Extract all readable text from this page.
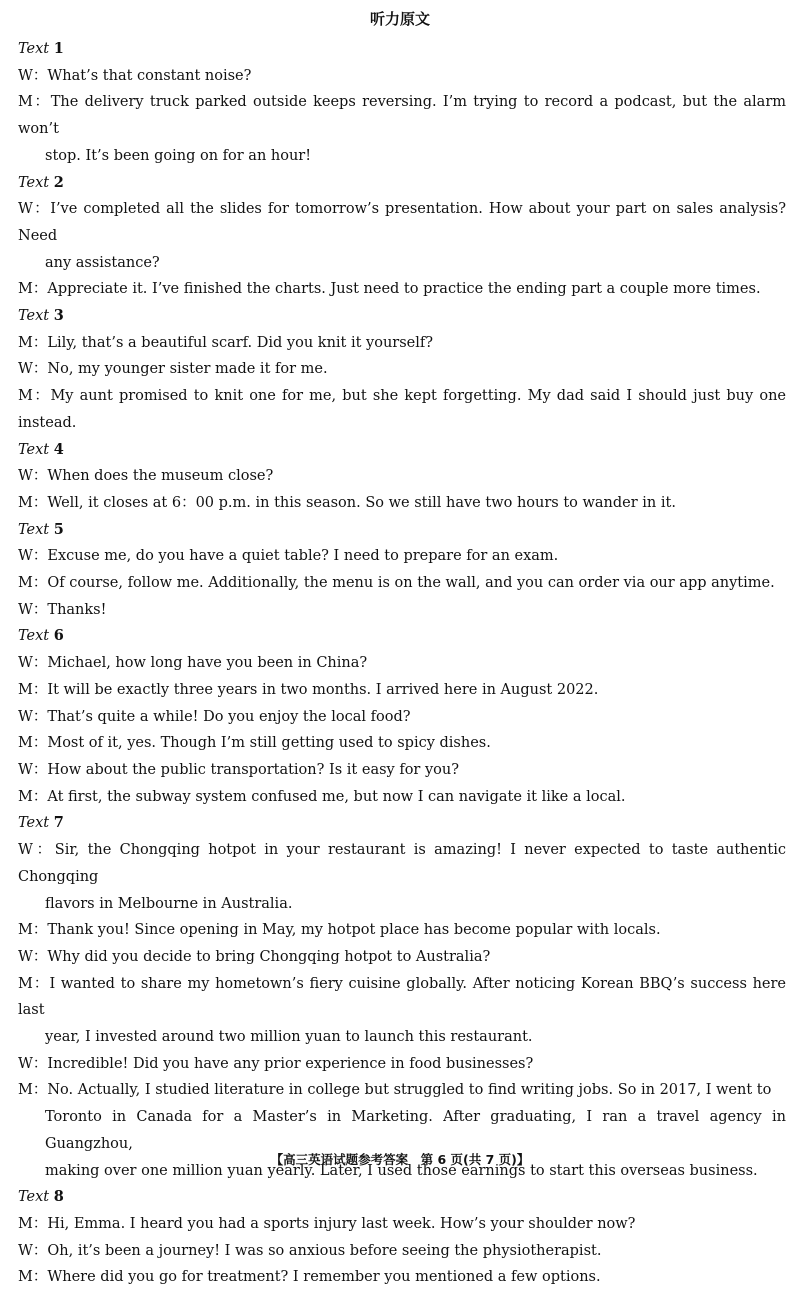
听力原文
Text 1
W：What’s that constant noise?
M：The delivery truck parked outside keeps reversing. I’m trying to record a podcast, but the alarm won’t
stop. It’s been going on for an hour!
Text 2
W：I’ve completed all the slides for tomorrow’s presentation. How about your part on sales analysis? Need
any assistance?
M：Appreciate it. I’ve finished the charts. Just need to practice the ending part a couple more times.
Text 3
M：Lily, that’s a beautiful scarf. Did you knit it yourself?
W：No, my younger sister made it for me.
M：My aunt promised to knit one for me, but she kept forgetting. My dad said I should just buy one instead.
Text 4
W：When does the museum close?
M：Well, it closes at 6：00 p.m. in this season. So we still have two hours to wander in it.
Text 5
W：Excuse me, do you have a quiet table? I need to prepare for an exam.
M：Of course, follow me. Additionally, the menu is on the wall, and you can order via our app anytime.
W：Thanks!
Text 6
W：Michael, how long have you been in China?
M：It will be exactly three years in two months. I arrived here in August 2022.
W：That’s quite a while! Do you enjoy the local food?
M：Most of it, yes. Though I’m still getting used to spicy dishes.
W：How about the public transportation? Is it easy for you?
M：At first, the subway system confused me, but now I can navigate it like a local.
Text 7
W：Sir, the Chongqing hotpot in your restaurant is amazing! I never expected to taste authentic Chongqing
flavors in Melbourne in Australia.
M：Thank you! Since opening in May, my hotpot place has become popular with locals.
W：Why did you decide to bring Chongqing hotpot to Australia?
M：I wanted to share my hometown’s fiery cuisine globally. After noticing Korean BBQ’s success here last
year, I invested around two million yuan to launch this restaurant.
W：Incredible! Did you have any prior experience in food businesses?
M：No. Actually, I studied literature in college but struggled to find writing jobs. So in 2017, I went to
Toronto in Canada for a Master’s in Marketing. After graduating, I ran a travel agency in Guangzhou,
making over one million yuan yearly. Later, I used those earnings to start this overseas business.
Text 8
M：Hi, Emma. I heard you had a sports injury last week. How’s your shoulder now?
W：Oh, it’s been a journey! I was so anxious before seeing the physiotherapist.
M：Where did you go for treatment? I remember you mentioned a few options.
【高三英语试题参考答案　第 6 页(共 7 页)】
